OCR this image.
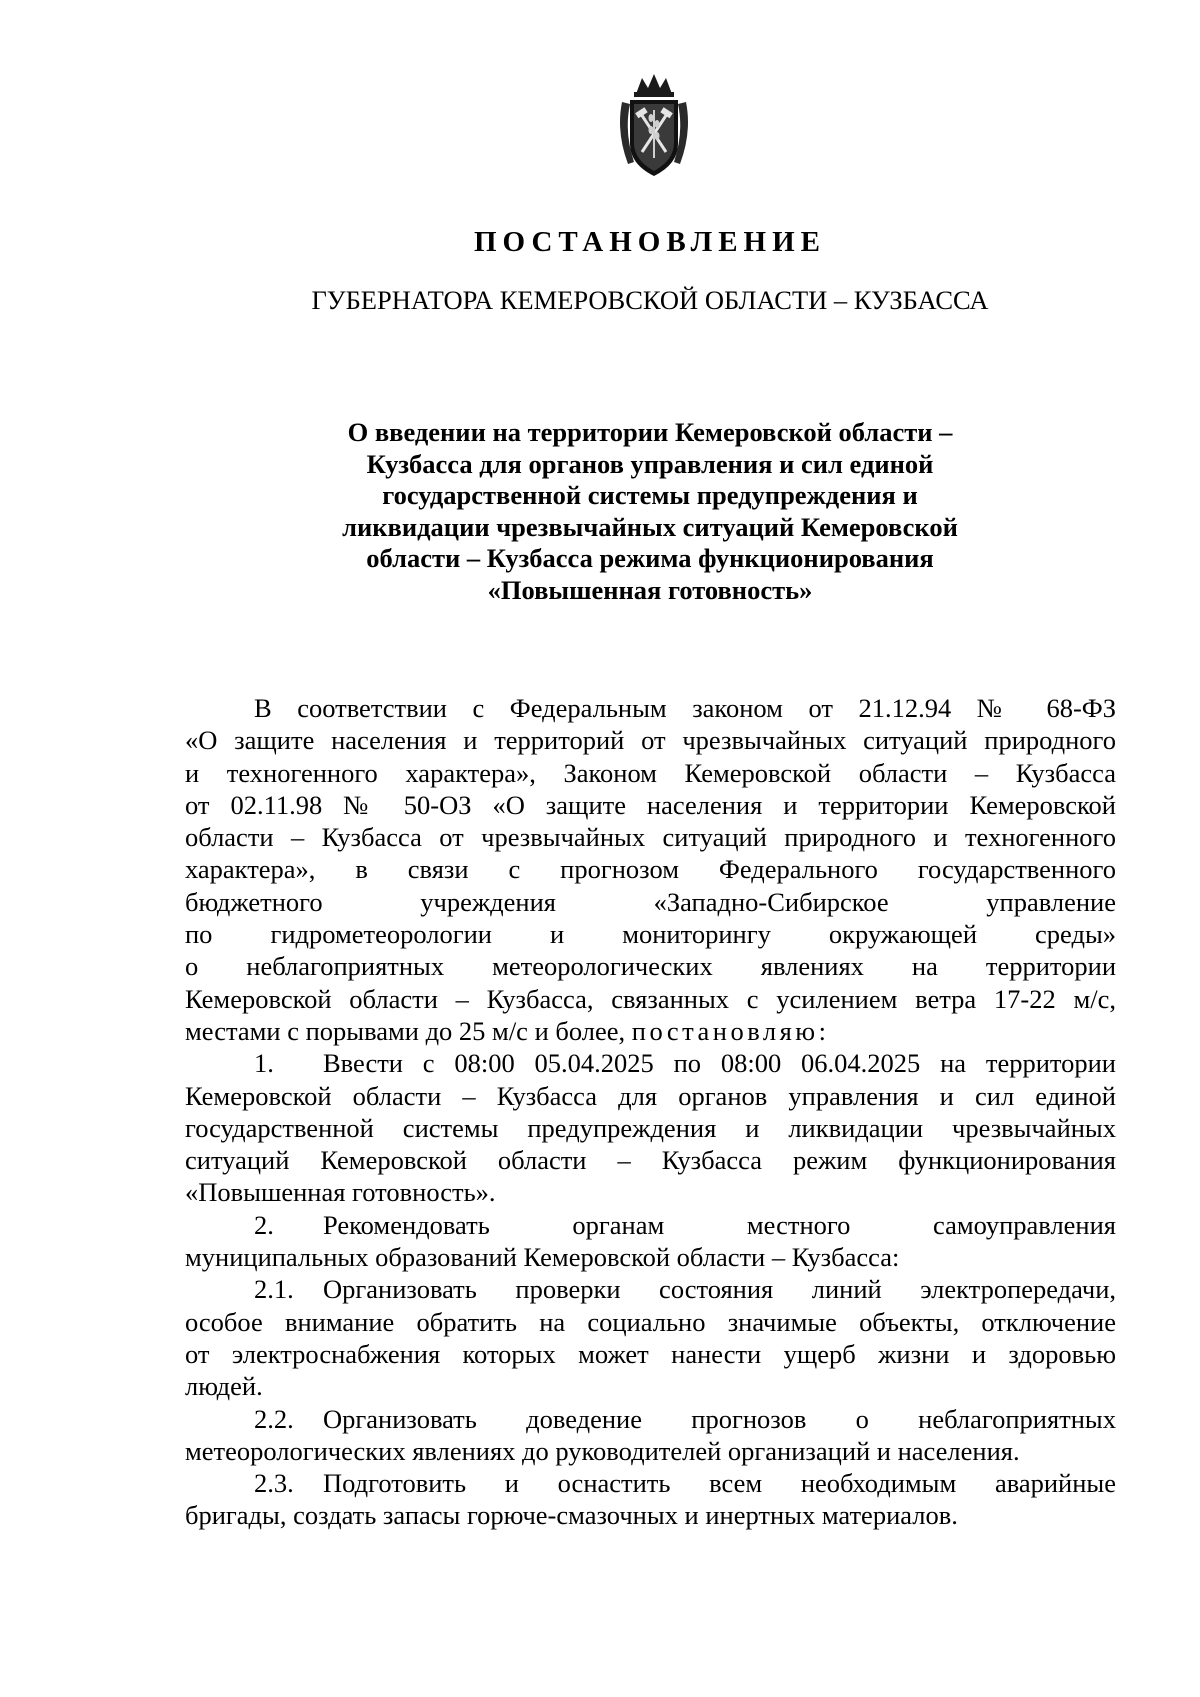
ПОСТАНОВЛЕНИЕ
ГУБЕРНАТОРА КЕМЕРОВСКОЙ ОБЛАСТИ – КУЗБАССА
О введении на территории Кемеровской области –
Кузбасса для органов управления и сил единой
государственной системы предупреждения и
ликвидации чрезвычайных ситуаций Кемеровской
области – Кузбасса режима функционирования
«Повышенная готовность»
В соответствии с Федеральным законом от 21.12.94 № 68-ФЗ
«О защите населения и территорий от чрезвычайных ситуаций природного
и техногенного характера», Законом Кемеровской области – Кузбасса
от 02.11.98 № 50-ОЗ «О защите населения и территории Кемеровской
области – Кузбасса от чрезвычайных ситуаций природного и техногенного
характера», в связи с прогнозом Федерального государственного
бюджетного учреждения «Западно-Сибирское управление
по гидрометеорологии и мониторингу окружающей среды»
о неблагоприятных метеорологических явлениях на территории
Кемеровской области – Кузбасса, связанных с усилением ветра 17-22 м/с,
местами с порывами до 25 м/с и более, постановляю:
1. Ввести с 08:00 05.04.2025 по 08:00 06.04.2025 на территории
Кемеровской области – Кузбасса для органов управления и сил единой
государственной системы предупреждения и ликвидации чрезвычайных
ситуаций Кемеровской области – Кузбасса режим функционирования
«Повышенная готовность».
2. Рекомендовать органам местного самоуправления
муниципальных образований Кемеровской области – Кузбасса:
2.1. Организовать проверки состояния линий электропередачи,
особое внимание обратить на социально значимые объекты, отключение
от электроснабжения которых может нанести ущерб жизни и здоровью
людей.
2.2. Организовать доведение прогнозов о неблагоприятных
метеорологических явлениях до руководителей организаций и населения.
2.3. Подготовить и оснастить всем необходимым аварийные
бригады, создать запасы горюче-смазочных и инертных материалов.
